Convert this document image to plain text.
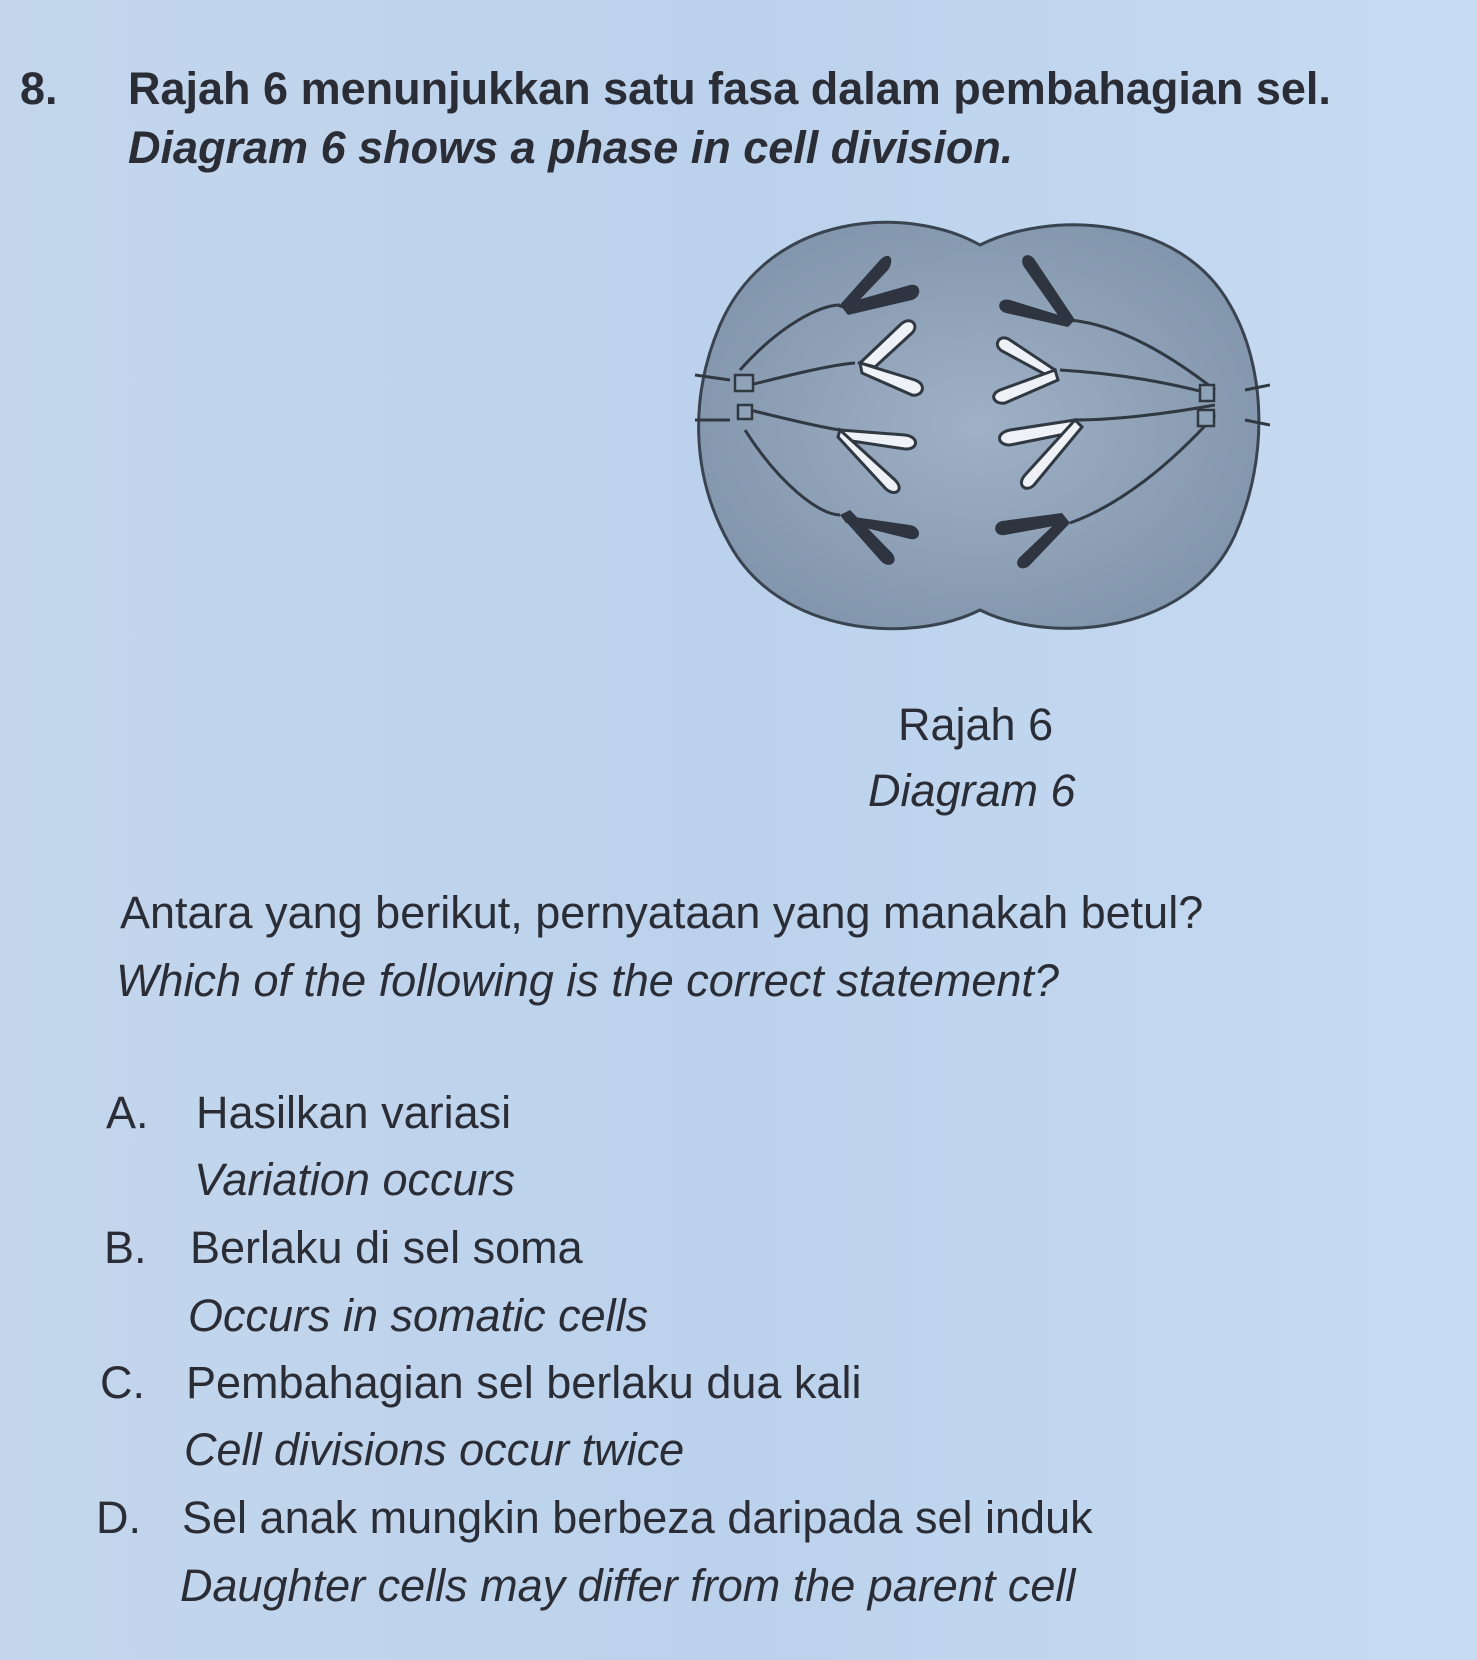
8. Rajah 6 menunjukkan satu fasa dalam pembahagian sel.
Diagram 6 shows a phase in cell division.
Rajah 6
Diagram 6
Antara yang berikut, pernyataan yang manakah betul?
Which of the following is the correct statement?
A. Hasilkan variasi
Variation occurs
B. Berlaku di sel soma
Occurs in somatic cells
C. Pembahagian sel berlaku dua kali
Cell divisions occur twice
D. Sel anak mungkin berbeza daripada sel induk
Daughter cells may differ from the parent cell
